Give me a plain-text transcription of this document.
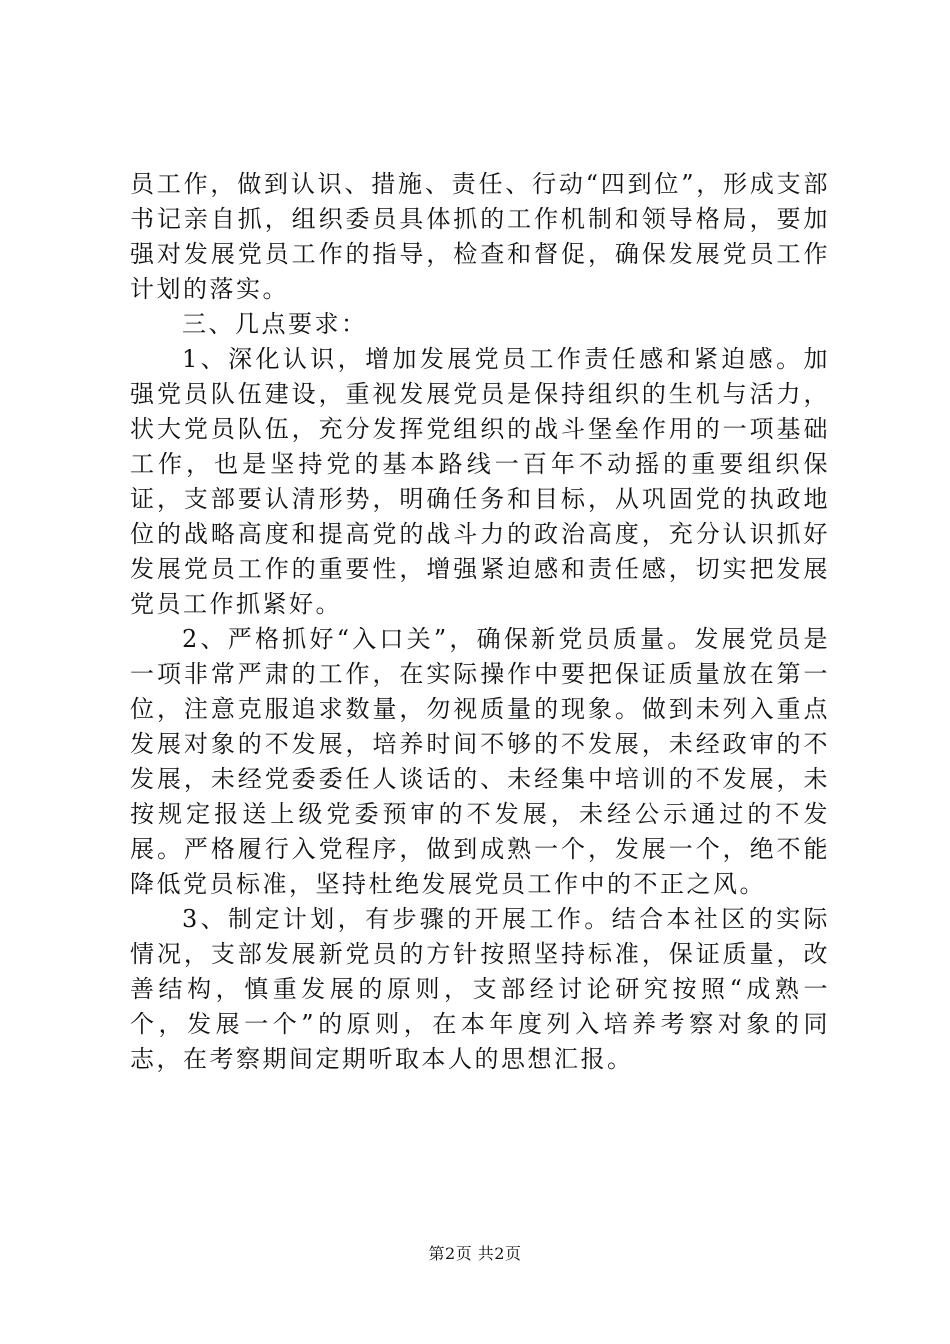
员工作，做到认识、措施、责任、行动“四到位”，形成支部书记亲自抓，组织委员具体抓的工作机制和领导格局，要加强对发展党员工作的指导，检查和督促，确保发展党员工作计划的落实。

三、几点要求：

1、深化认识，增加发展党员工作责任感和紧迫感。加强党员队伍建设，重视发展党员是保持组织的生机与活力，状大党员队伍，充分发挥党组织的战斗堡垒作用的一项基础工作，也是坚持党的基本路线一百年不动摇的重要组织保证，支部要认清形势，明确任务和目标，从巩固党的执政地位的战略高度和提高党的战斗力的政治高度，充分认识抓好发展党员工作的重要性，增强紧迫感和责任感，切实把发展党员工作抓紧好。

2、严格抓好“入口关”，确保新党员质量。发展党员是一项非常严肃的工作，在实际操作中要把保证质量放在第一位，注意克服追求数量，勿视质量的现象。做到未列入重点发展对象的不发展，培养时间不够的不发展，未经政审的不发展，未经党委委任人谈话的、未经集中培训的不发展，未按规定报送上级党委预审的不发展，未经公示通过的不发展。严格履行入党程序，做到成熟一个，发展一个，绝不能降低党员标准，坚持杜绝发展党员工作中的不正之风。

3、制定计划，有步骤的开展工作。结合本社区的实际情况，支部发展新党员的方针按照坚持标准，保证质量，改善结构，慎重发展的原则，支部经讨论研究按照“成熟一个，发展一个”的原则，在本年度列入培养考察对象的同志，在考察期间定期听取本人的思想汇报。

第2页 共2页
